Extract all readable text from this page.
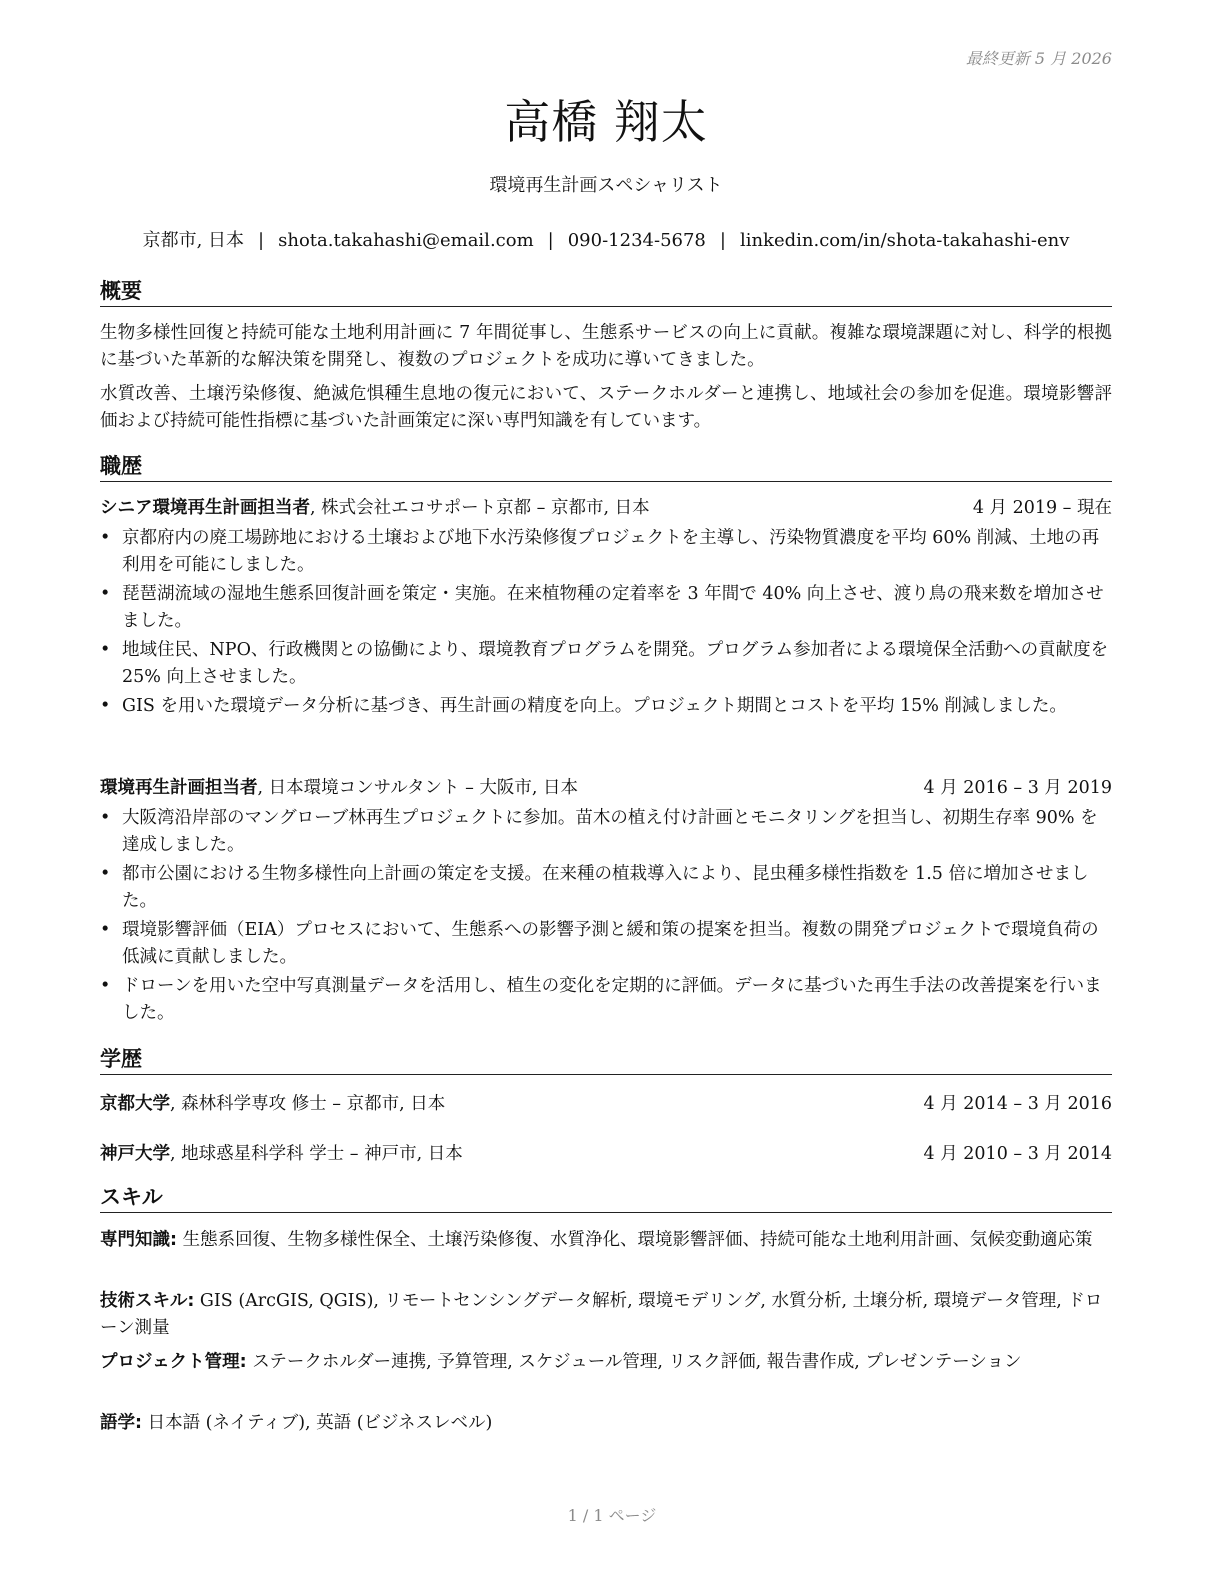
最終更新 5 月 2026
高橋 翔太
環境再生計画スペシャリスト
京都市, 日本 | shota.takahashi@email.com | 090-1234-5678 | linkedin.com/in/shota-takahashi-env
概要
生物多様性回復と持続可能な土地利用計画に 7 年間従事し、生態系サービスの向上に貢献。複雑な環境課題に対し、科学的根拠に基づいた革新的な解決策を開発し、複数のプロジェクトを成功に導いてきました。
水質改善、土壌汚染修復、絶滅危惧種生息地の復元において、ステークホルダーと連携し、地域社会の参加を促進。環境影響評価および持続可能性指標に基づいた計画策定に深い専門知識を有しています。
職歴
シニア環境再生計画担当者, 株式会社エコサポート京都 – 京都市, 日本	4 月 2019 – 現在
• 京都府内の廃工場跡地における土壌および地下水汚染修復プロジェクトを主導し、汚染物質濃度を平均 60% 削減、土地の再利用を可能にしました。
• 琵琶湖流域の湿地生態系回復計画を策定・実施。在来植物種の定着率を 3 年間で 40% 向上させ、渡り鳥の飛来数を増加させました。
• 地域住民、NPO、行政機関との協働により、環境教育プログラムを開発。プログラム参加者による環境保全活動への貢献度を 25% 向上させました。
• GIS を用いた環境データ分析に基づき、再生計画の精度を向上。プロジェクト期間とコストを平均 15% 削減しました。
環境再生計画担当者, 日本環境コンサルタント – 大阪市, 日本	4 月 2016 – 3 月 2019
• 大阪湾沿岸部のマングローブ林再生プロジェクトに参加。苗木の植え付け計画とモニタリングを担当し、初期生存率 90% を達成しました。
• 都市公園における生物多様性向上計画の策定を支援。在来種の植栽導入により、昆虫種多様性指数を 1.5 倍に増加させました。
• 環境影響評価（EIA）プロセスにおいて、生態系への影響予測と緩和策の提案を担当。複数の開発プロジェクトで環境負荷の低減に貢献しました。
• ドローンを用いた空中写真測量データを活用し、植生の変化を定期的に評価。データに基づいた再生手法の改善提案を行いました。
学歴
京都大学, 森林科学専攻 修士 – 京都市, 日本	4 月 2014 – 3 月 2016
神戸大学, 地球惑星科学科 学士 – 神戸市, 日本	4 月 2010 – 3 月 2014
スキル
専門知識: 生態系回復、生物多様性保全、土壌汚染修復、水質浄化、環境影響評価、持続可能な土地利用計画、気候変動適応策
技術スキル: GIS (ArcGIS, QGIS), リモートセンシングデータ解析, 環境モデリング, 水質分析, 土壌分析, 環境データ管理, ドローン測量
プロジェクト管理: ステークホルダー連携, 予算管理, スケジュール管理, リスク評価, 報告書作成, プレゼンテーション
語学: 日本語 (ネイティブ), 英語 (ビジネスレベル)
1 / 1 ページ
